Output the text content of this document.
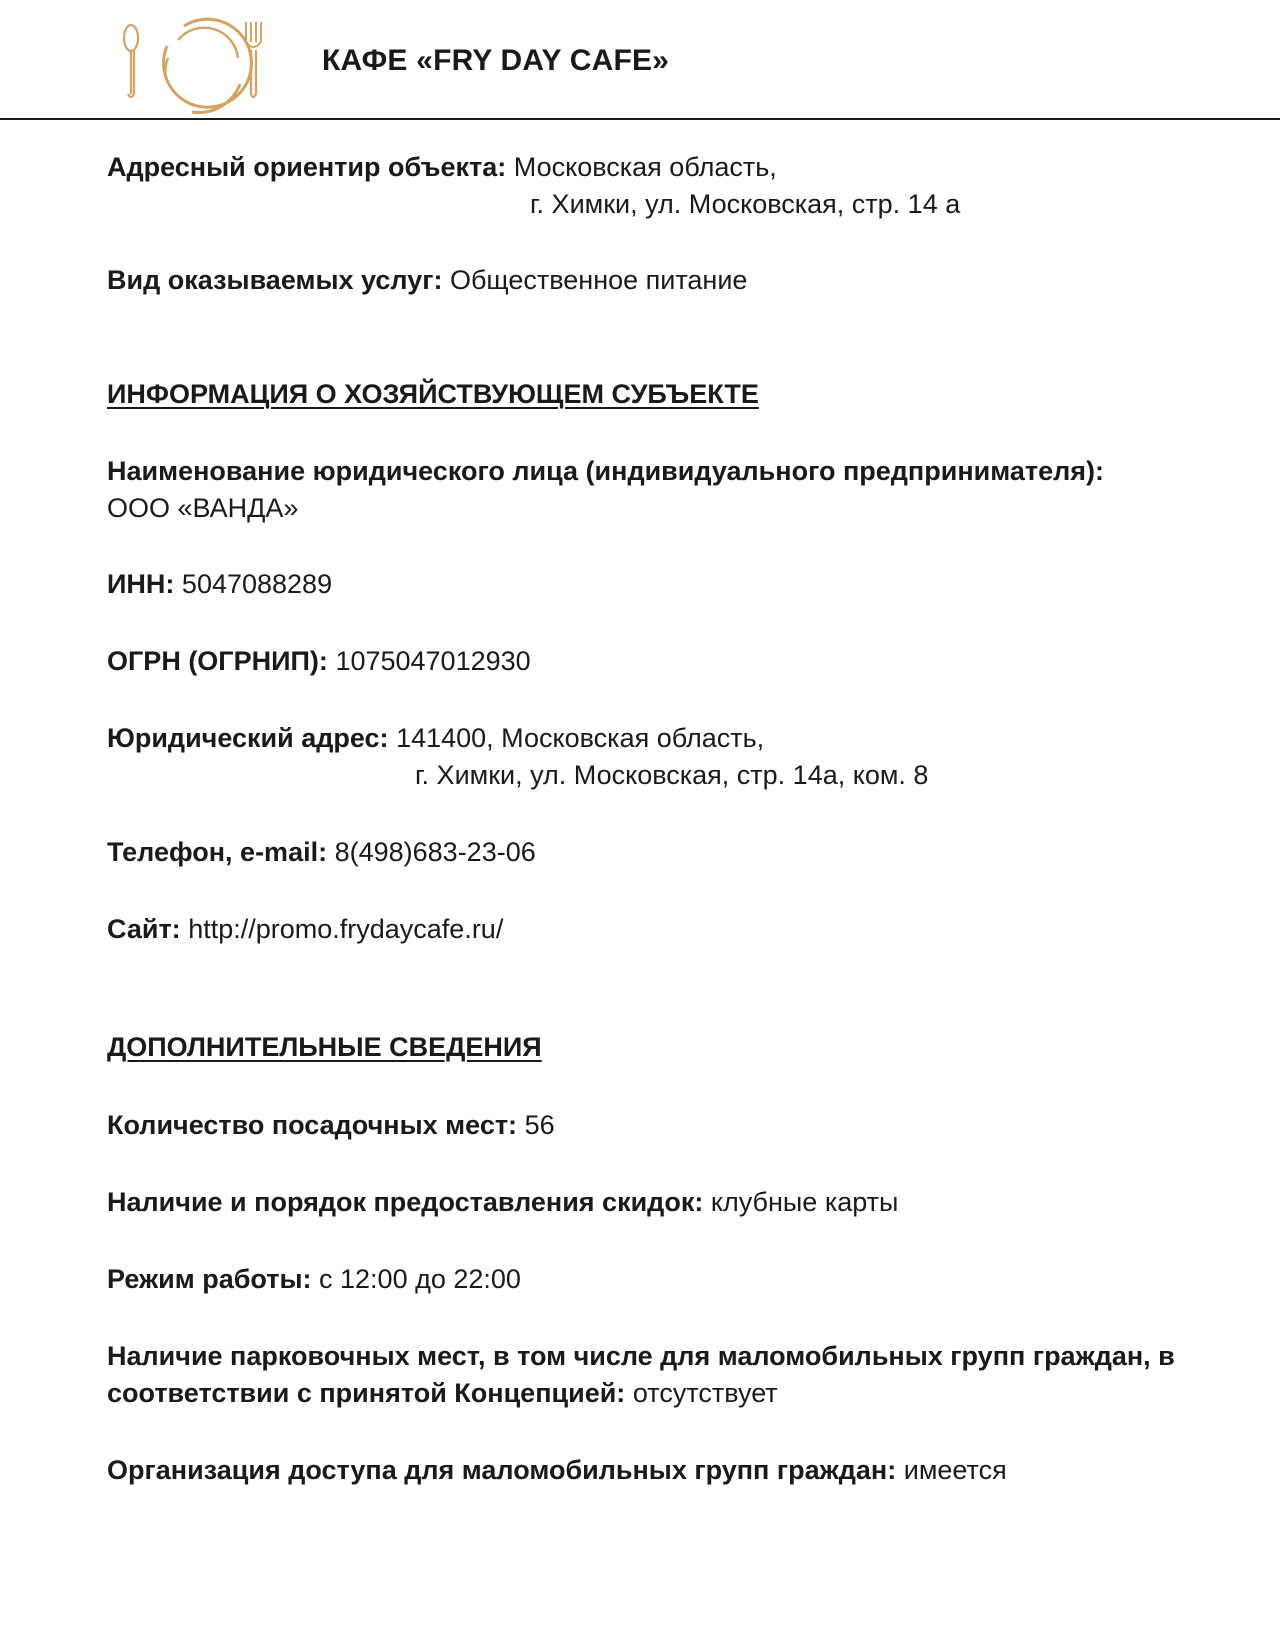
КАФЕ «FRY DAY CAFE»
Адресный ориентир объекта: Московская область,
г. Химки, ул. Московская, стр. 14 а
Вид оказываемых услуг: Общественное питание
ИНФОРМАЦИЯ О ХОЗЯЙСТВУЮЩЕМ СУБЪЕКТЕ
Наименование юридического лица (индивидуального предпринимателя):
ООО «ВАНДА»
ИНН: 5047088289
ОГРН (ОГРНИП): 1075047012930
Юридический адрес: 141400, Московская область,
г. Химки, ул. Московская, стр. 14а, ком. 8
Телефон, e-mail: 8(498)683-23-06
Сайт: http://promo.frydaycafe.ru/
ДОПОЛНИТЕЛЬНЫЕ СВЕДЕНИЯ
Количество посадочных мест: 56
Наличие и порядок предоставления скидок: клубные карты
Режим работы: с 12:00 до 22:00
Наличие парковочных мест, в том числе для маломобильных групп граждан, в
соответствии с принятой Концепцией: отсутствует
Организация доступа для маломобильных групп граждан: имеется
